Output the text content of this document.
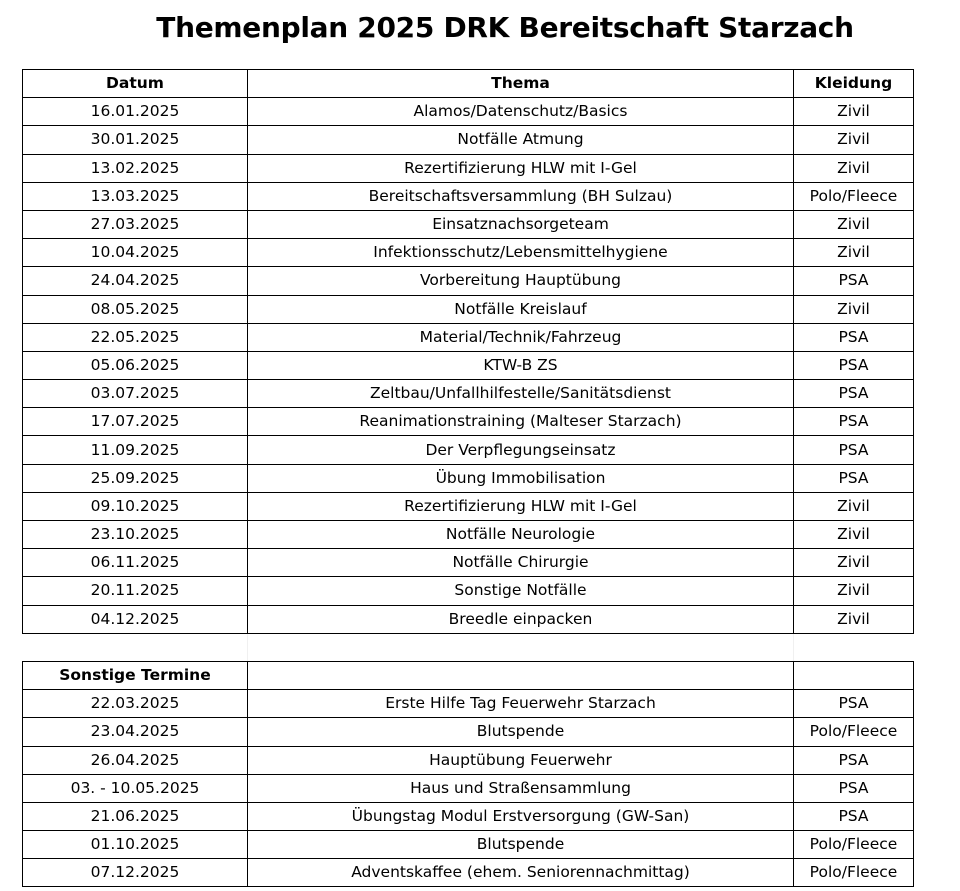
Themenplan 2025 DRK Bereitschaft Starzach
Datum	Thema	Kleidung
16.01.2025	Alamos/Datenschutz/Basics	Zivil
30.01.2025	Notfälle Atmung	Zivil
13.02.2025	Rezertifizierung HLW mit I-Gel	Zivil
13.03.2025	Bereitschaftsversammlung (BH Sulzau)	Polo/Fleece
27.03.2025	Einsatznachsorgeteam	Zivil
10.04.2025	Infektionsschutz/Lebensmittelhygiene	Zivil
24.04.2025	Vorbereitung Hauptübung	PSA
08.05.2025	Notfälle Kreislauf	Zivil
22.05.2025	Material/Technik/Fahrzeug	PSA
05.06.2025	KTW-B ZS	PSA
03.07.2025	Zeltbau/Unfallhilfestelle/Sanitätsdienst	PSA
17.07.2025	Reanimationstraining (Malteser Starzach)	PSA
11.09.2025	Der Verpflegungseinsatz	PSA
25.09.2025	Übung Immobilisation	PSA
09.10.2025	Rezertifizierung HLW mit I-Gel	Zivil
23.10.2025	Notfälle Neurologie	Zivil
06.11.2025	Notfälle Chirurgie	Zivil
20.11.2025	Sonstige Notfälle	Zivil
04.12.2025	Breedle einpacken	Zivil

Sonstige Termine		
22.03.2025	Erste Hilfe Tag Feuerwehr Starzach	PSA
23.04.2025	Blutspende	Polo/Fleece
26.04.2025	Hauptübung Feuerwehr	PSA
03. - 10.05.2025	Haus und Straßensammlung	PSA
21.06.2025	Übungstag Modul Erstversorgung (GW-San)	PSA
01.10.2025	Blutspende	Polo/Fleece
07.12.2025	Adventskaffee (ehem. Seniorennachmittag)	Polo/Fleece
